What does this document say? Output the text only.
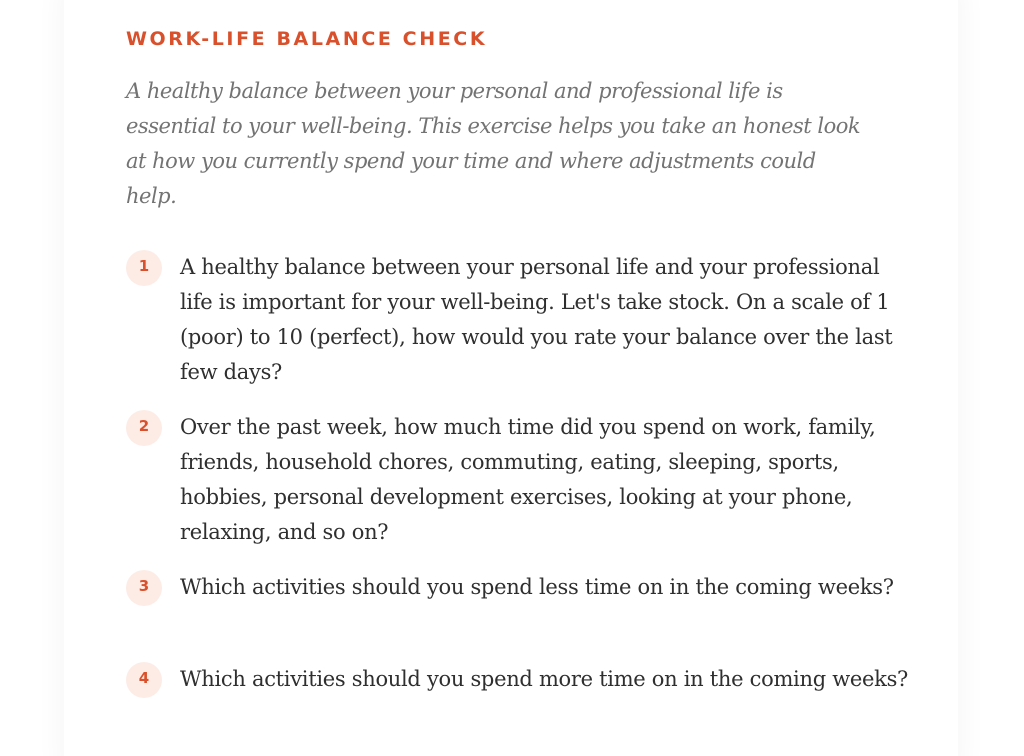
WORK-LIFE BALANCE CHECK

A healthy balance between your personal and professional life is essential to your well-being. This exercise helps you take an honest look at how you currently spend your time and where adjustments could help.

1	A healthy balance between your personal life and your professional life is important for your well-being. Let's take stock. On a scale of 1 (poor) to 10 (perfect), how would you rate your balance over the last few days?

2	Over the past week, how much time did you spend on work, family, friends, household chores, commuting, eating, sleeping, sports, hobbies, personal development exercises, looking at your phone, relaxing, and so on?

3	Which activities should you spend less time on in the coming weeks?

4	Which activities should you spend more time on in the coming weeks?
